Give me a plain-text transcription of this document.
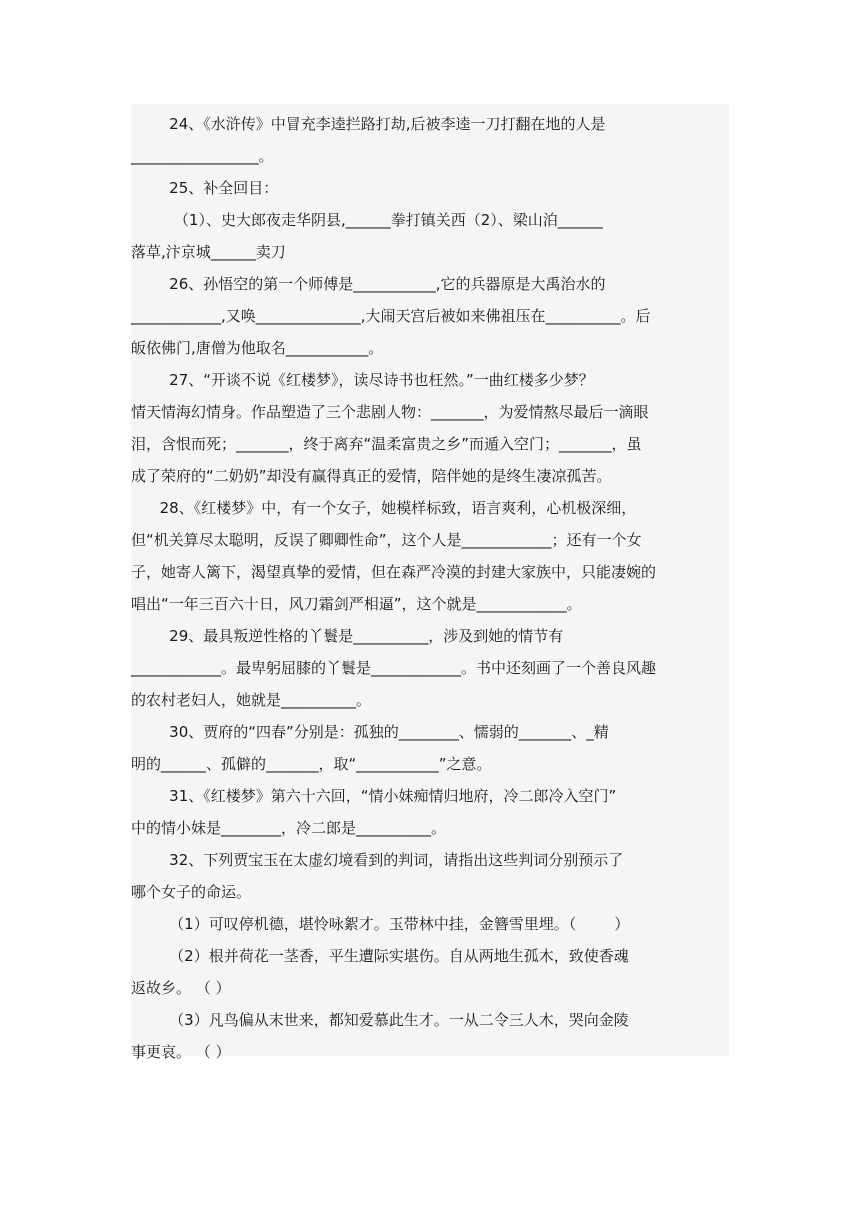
24、《水浒传》中冒充李逵拦路打劫,后被李逵一刀打翻在地的人是
_________________。
25、补全回目：
（1）、史大郎夜走华阴县,______拳打镇关西（2）、梁山泊______
落草,汴京城______卖刀
26、孙悟空的第一个师傅是___________,它的兵器原是大禹治水的
____________,又唤______________,大闹天宫后被如来佛祖压在__________。后
皈依佛门,唐僧为他取名___________。
27、“开谈不说《红楼梦》，读尽诗书也枉然。”一曲红楼多少梦？
情天情海幻情身。作品塑造了三个悲剧人物：_______，为爱情熬尽最后一滴眼
泪，含恨而死；_______，终于离弃“温柔富贵之乡”而遁入空门；_______，虽
成了荣府的“二奶奶”却没有赢得真正的爱情，陪伴她的是终生凄凉孤苦。
28、《红楼梦》中，有一个女子，她模样标致，语言爽利，心机极深细，
但“机关算尽太聪明，反误了卿卿性命”，这个人是____________；还有一个女
子，她寄人篱下，渴望真挚的爱情，但在森严冷漠的封建大家族中，只能凄婉的
唱出“一年三百六十日，风刀霜剑严相逼”，这个就是____________。
29、最具叛逆性格的丫鬟是__________，涉及到她的情节有
____________。最卑躬屈膝的丫鬟是____________。书中还刻画了一个善良风趣
的农村老妇人，她就是__________。
30、贾府的“四春”分别是：孤独的________、懦弱的_______、_精
明的______、孤僻的_______，取“___________”之意。
31、《红楼梦》第六十六回，“情小妹痴情归地府，冷二郎冷入空门”
中的情小妹是________，冷二郎是__________。
32、下列贾宝玉在太虚幻境看到的判词，请指出这些判词分别预示了
哪个女子的命运。
（1）可叹停机德，堪怜咏絮才。玉带林中挂，金簪雪里埋。（        ）
（2）根并荷花一茎香，平生遭际实堪伤。自从两地生孤木，致使香魂
返故乡。 （ ）
（3）凡鸟偏从末世来，都知爱慕此生才。一从二令三人木，哭向金陵
事更哀。 （ ）
